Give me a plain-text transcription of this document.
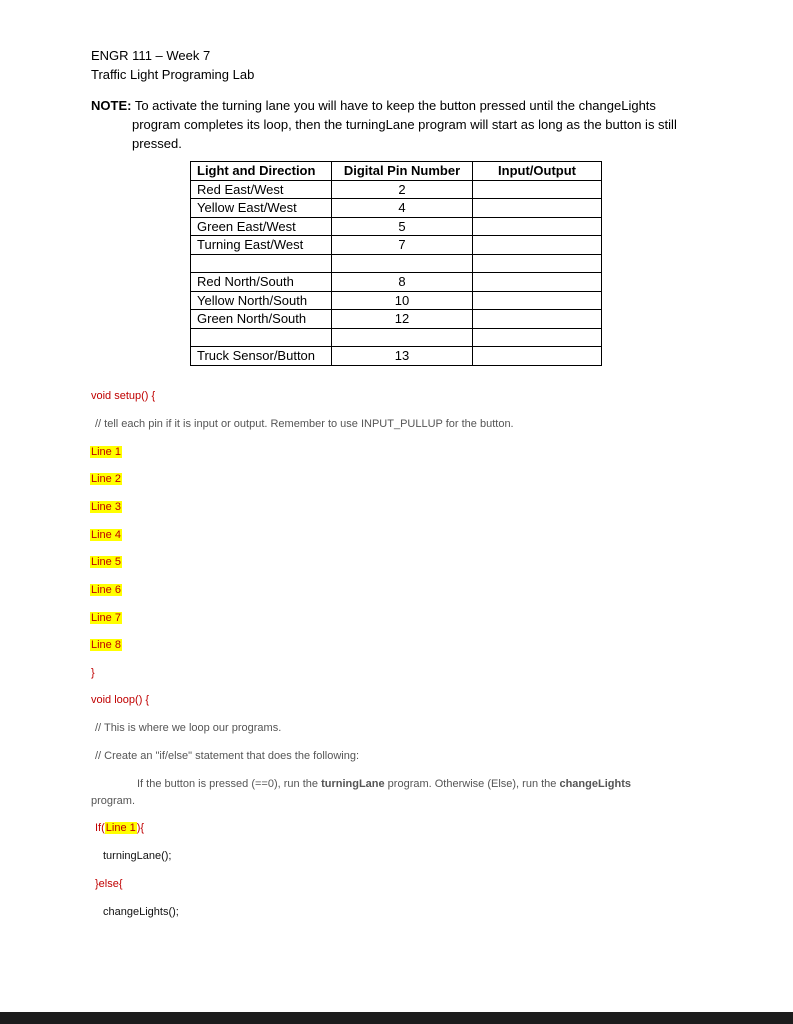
ENGR 111 – Week 7
Traffic Light Programing Lab
NOTE: To activate the turning lane you will have to keep the button pressed until the changeLights
program completes its loop, then the turningLane program will start as long as the button is still
pressed.
Light and Direction	Digital Pin Number	Input/Output
Red East/West	2	
Yellow East/West	4	
Green East/West	5	
Turning East/West	7	

Red North/South	8	
Yellow North/South	10	
Green North/South	12	

Truck Sensor/Button	13	
void setup() {
// tell each pin if it is input or output. Remember to use INPUT_PULLUP for the button.
Line 1
Line 2
Line 3
Line 4
Line 5
Line 6
Line 7
Line 8
}
void loop() {
// This is where we loop our programs.
// Create an "if/else" statement that does the following:
If the button is pressed (==0), run the turningLane program. Otherwise (Else), run the changeLights
program.
If(Line 1){
turningLane();
}else{
changeLights();
